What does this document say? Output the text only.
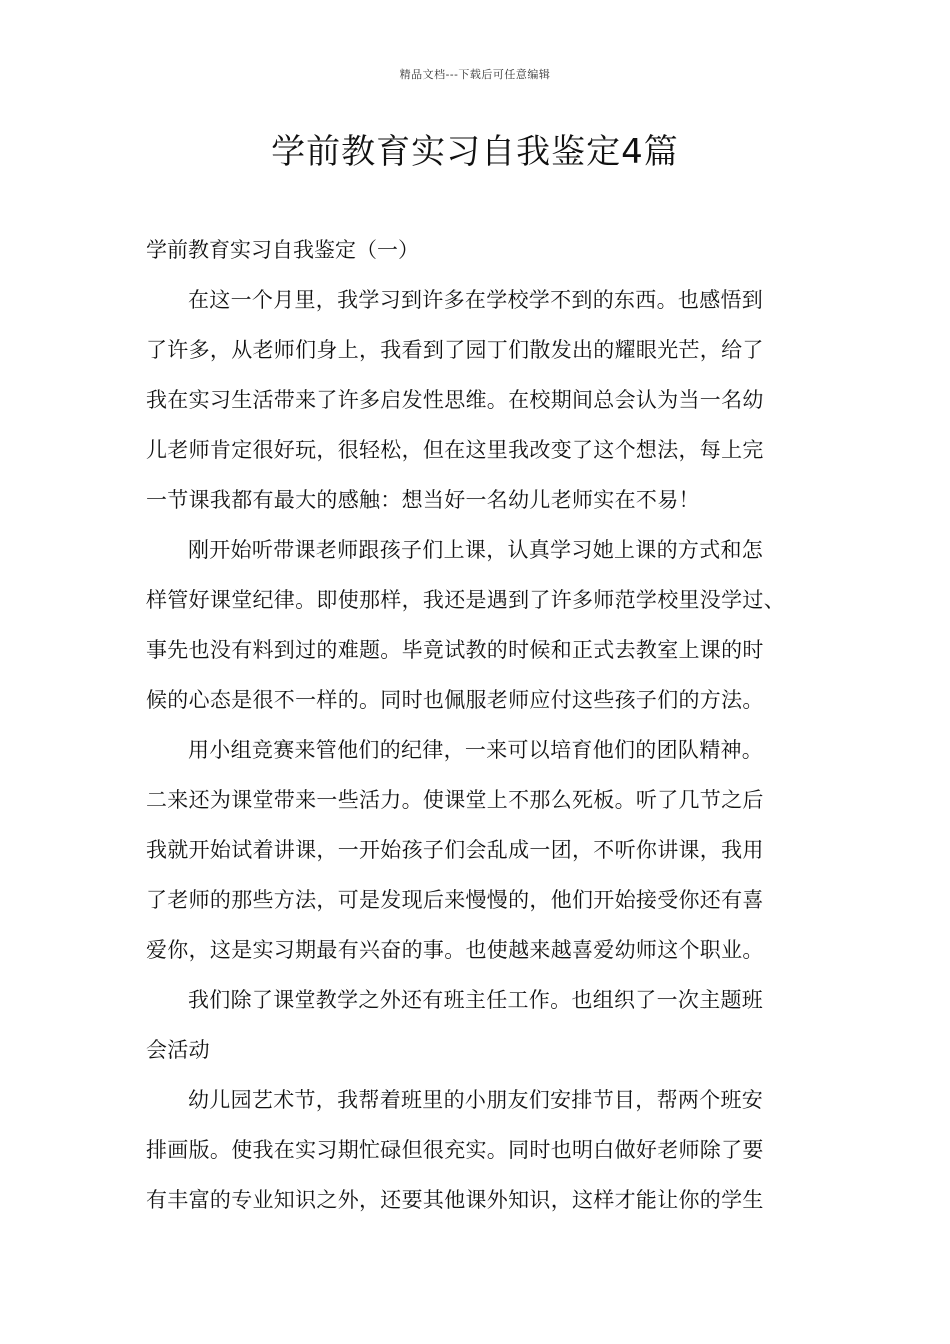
精品文档---下载后可任意编辑
学前教育实习自我鉴定4篇
学前教育实习自我鉴定（一）
在这一个月里，我学习到许多在学校学不到的东西。也感悟到
了许多，从老师们身上，我看到了园丁们散发出的耀眼光芒，给了
我在实习生活带来了许多启发性思维。在校期间总会认为当一名幼
儿老师肯定很好玩，很轻松，但在这里我改变了这个想法，每上完
一节课我都有最大的感触：想当好一名幼儿老师实在不易！
刚开始听带课老师跟孩子们上课，认真学习她上课的方式和怎
样管好课堂纪律。即使那样，我还是遇到了许多师范学校里没学过、
事先也没有料到过的难题。毕竟试教的时候和正式去教室上课的时
候的心态是很不一样的。同时也佩服老师应付这些孩子们的方法。
用小组竞赛来管他们的纪律，一来可以培育他们的团队精神。
二来还为课堂带来一些活力。使课堂上不那么死板。听了几节之后
我就开始试着讲课，一开始孩子们会乱成一团，不听你讲课，我用
了老师的那些方法，可是发现后来慢慢的，他们开始接受你还有喜
爱你，这是实习期最有兴奋的事。也使越来越喜爱幼师这个职业。
我们除了课堂教学之外还有班主任工作。也组织了一次主题班
会活动
幼儿园艺术节，我帮着班里的小朋友们安排节目，帮两个班安
排画版。使我在实习期忙碌但很充实。同时也明白做好老师除了要
有丰富的专业知识之外，还要其他课外知识，这样才能让你的学生
